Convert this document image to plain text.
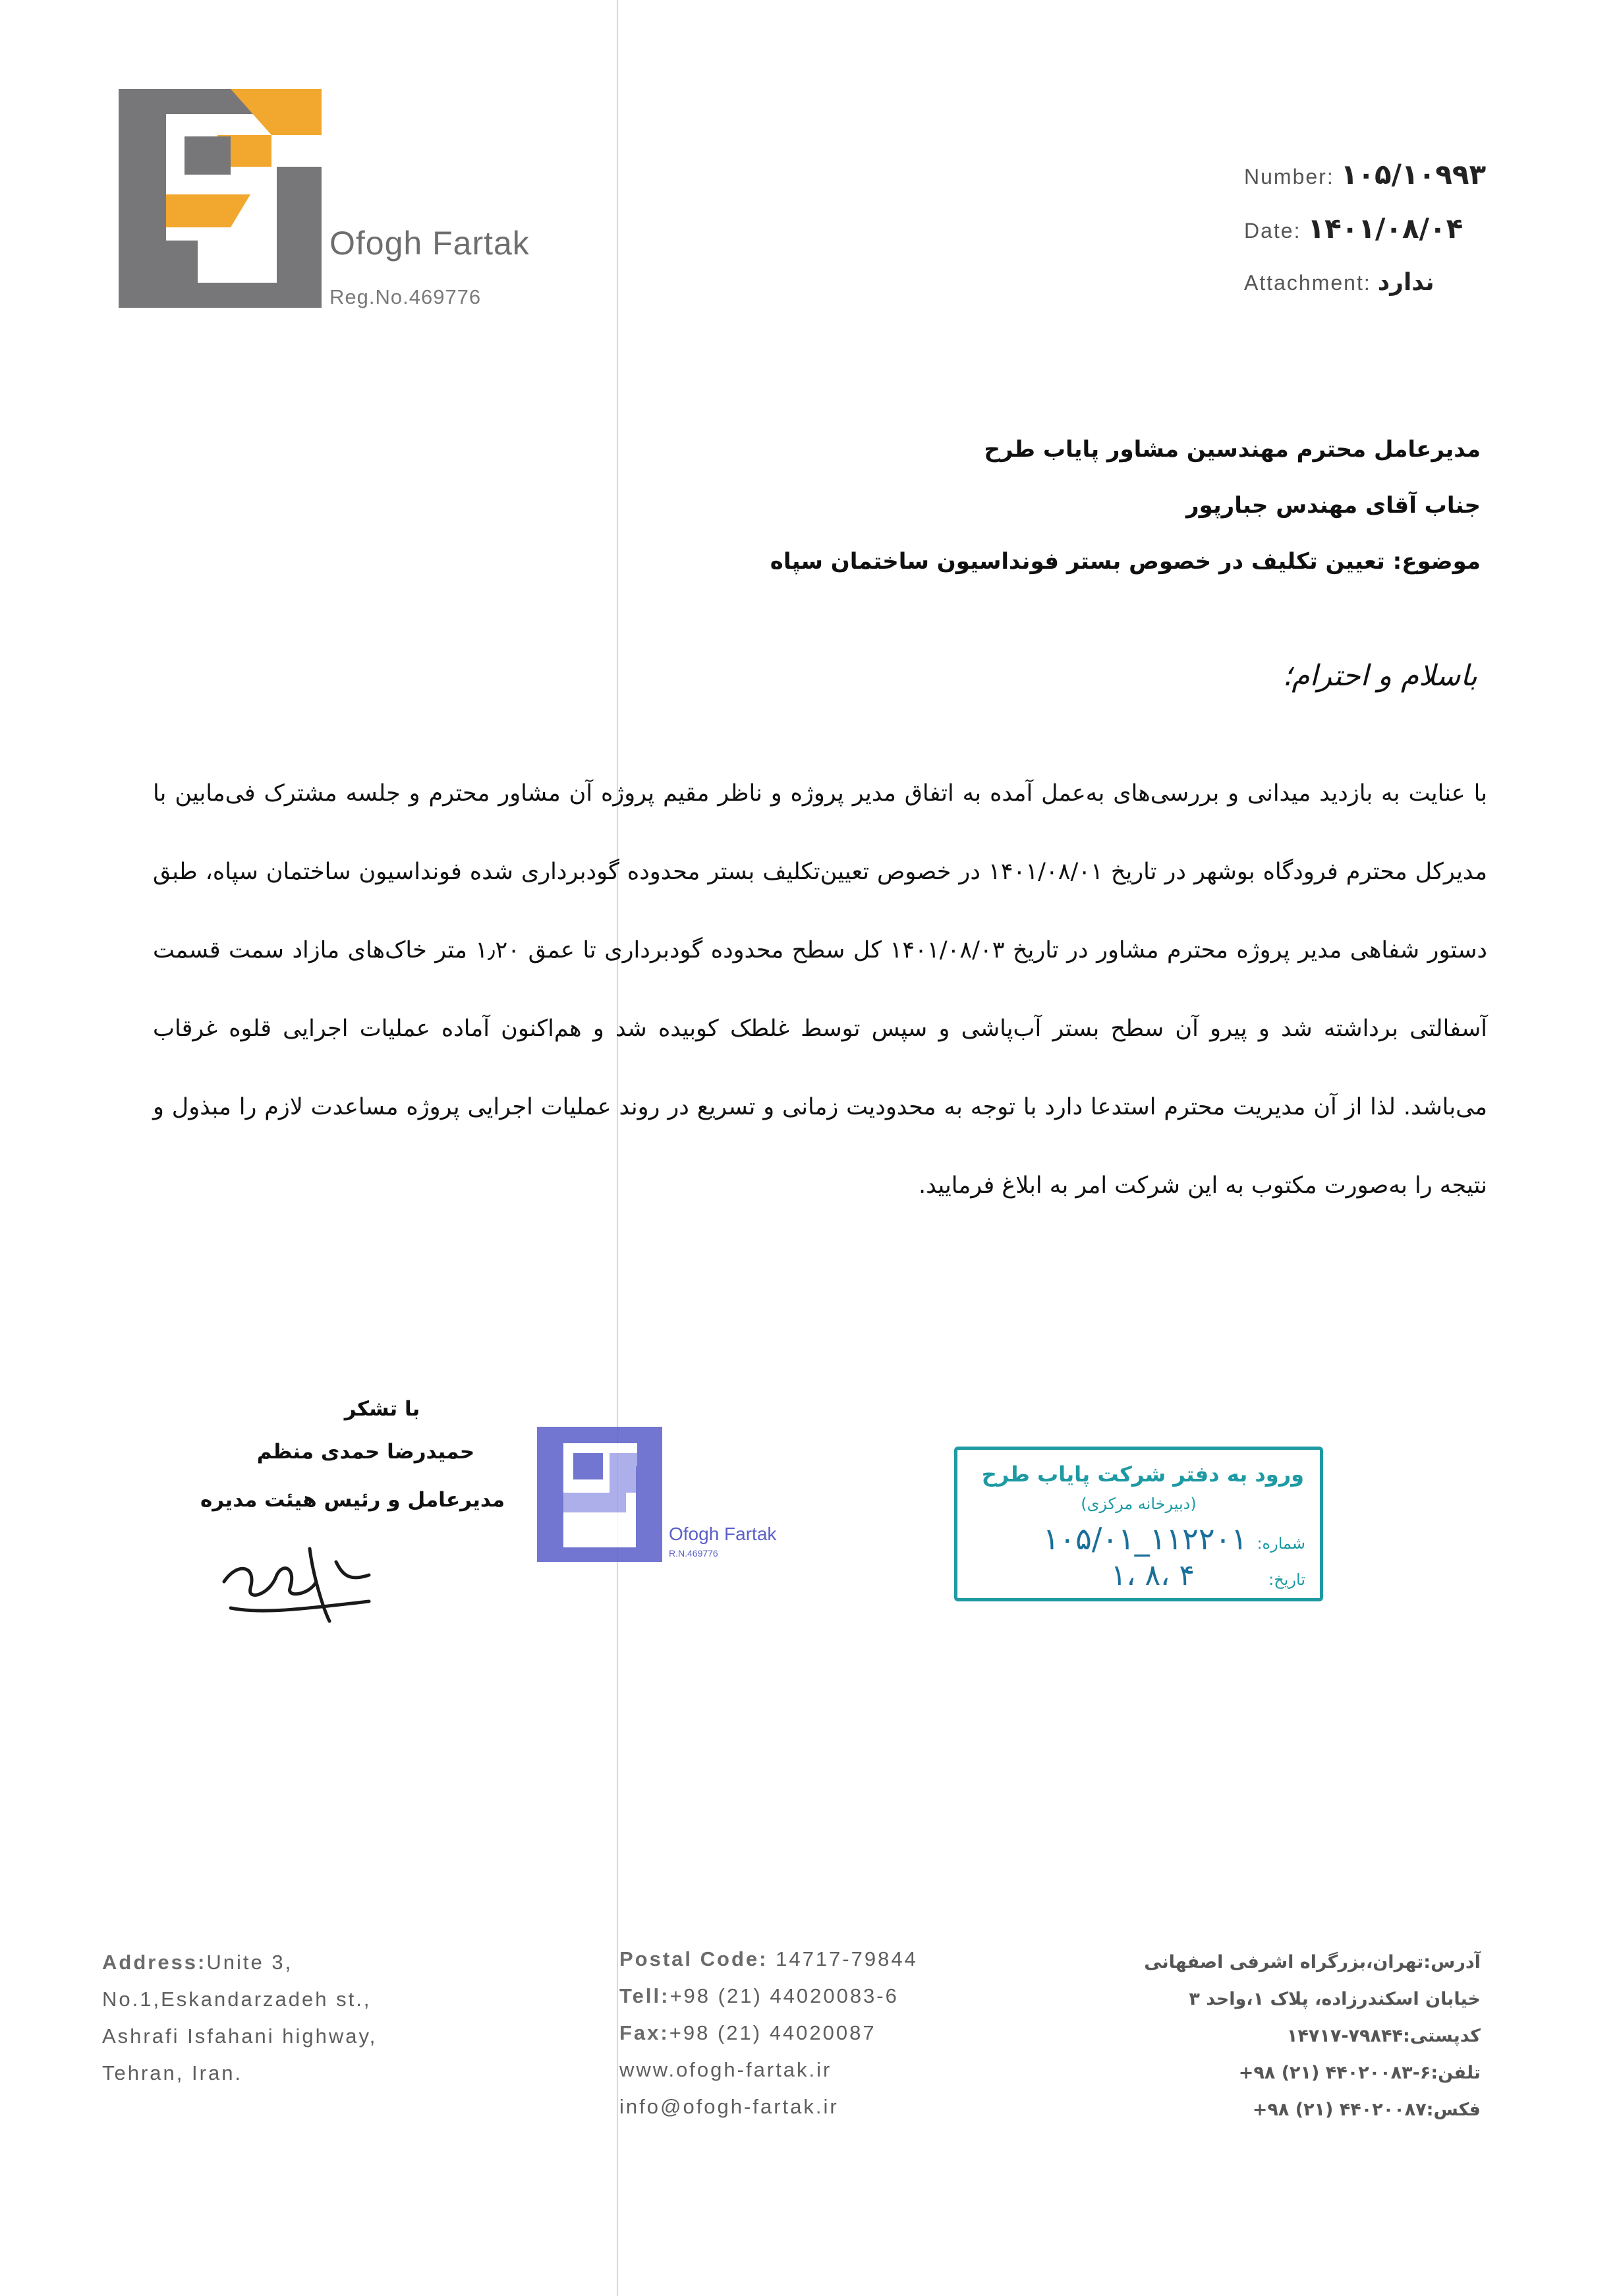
Ofogh Fartak
Reg.No.469776
Number: ۱۰۵/۱۰۹۹۳
Date: ۱۴۰۱/۰۸/۰۴
Attachment: ندارد
مدیرعامل محترم مهندسین مشاور پایاب طرح
جناب آقای مهندس جبارپور
موضوع: تعیین تکلیف در خصوص بستر فونداسیون ساختمان سپاه
باسلام و احترام؛
با عنایت به بازدید میدانی و بررسی‌های به‌عمل آمده به اتفاق مدیر پروژه و ناظر مقیم پروژه آن مشاور محترم و جلسه مشترک فی‌مابین با مدیرکل محترم فرودگاه بوشهر در تاریخ ۱۴۰۱/۰۸/۰۱ در خصوص تعیین‌تکلیف بستر محدوده گودبرداری شده فونداسیون ساختمان سپاه، طبق دستور شفاهی مدیر پروژه محترم مشاور در تاریخ ۱۴۰۱/۰۸/۰۳ کل سطح محدوده گودبرداری تا عمق ۱٫۲۰ متر خاک‌های مازاد سمت قسمت آسفالتی برداشته شد و پیرو آن سطح بستر آب‌پاشی و سپس توسط غلطک کوبیده شد و هم‌اکنون آماده عملیات اجرایی قلوه غرقاب می‌باشد. لذا از آن مدیریت محترم استدعا دارد با توجه به محدودیت زمانی و تسریع در روند عملیات اجرایی پروژه مساعدت لازم را مبذول و نتیجه را به‌صورت مکتوب به این شرکت امر به ابلاغ فرمایید.
با تشکر
حمیدرضا حمدی منظم
مدیرعامل و رئیس هیئت مدیره
Ofogh Fartak
R.N.469776
ورود به دفتر شرکت پایاب طرح
(دبیرخانه مرکزی)
شماره:
۱۰۵/۰۱_۱۱۲۲۰۱
تاریخ:
۱، ۸، ۴
Address:Unite 3,
No.1,Eskandarzadeh st.,
Ashrafi Isfahani highway,
Tehran, Iran.
Postal Code: 14717-79844
Tell:+98 (21) 44020083-6
Fax:+98 (21) 44020087
www.ofogh-fartak.ir
info@ofogh-fartak.ir
آدرس:تهران،بزرگراه اشرفی اصفهانی
خیابان اسکندرزاده، پلاک ۱،واحد ۳
کدپستی:۷۹۸۴۴-۱۴۷۱۷
تلفن:۶-۴۴۰۲۰۰۸۳ (۲۱) ۹۸+
فکس:۴۴۰۲۰۰۸۷ (۲۱) ۹۸+
